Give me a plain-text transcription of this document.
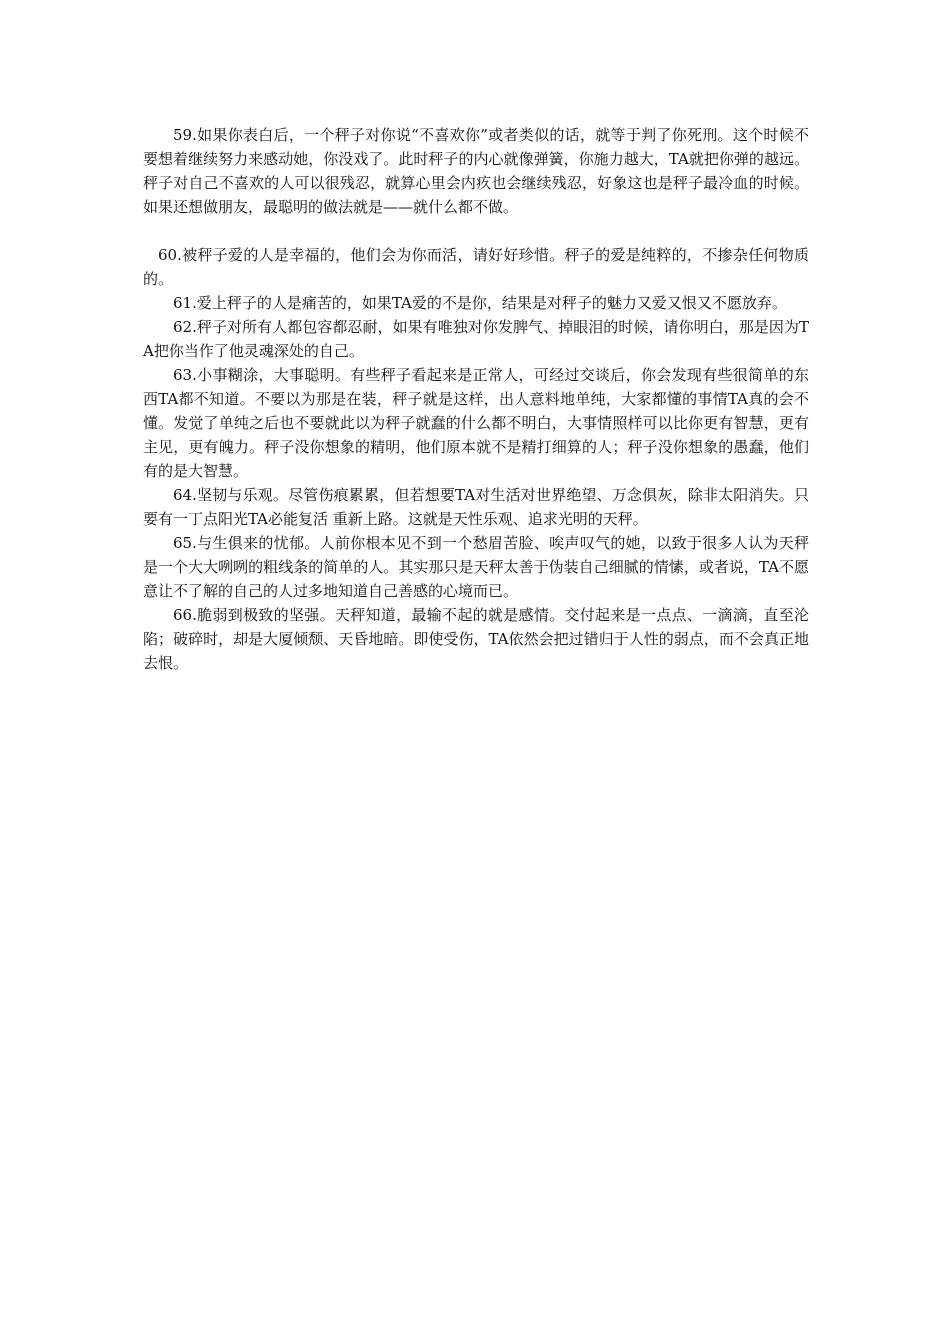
59.如果你表白后，一个秤子对你说“不喜欢你”或者类似的话，就等于判了你死刑。这个时候不要想着继续努力来感动她，你没戏了。此时秤子的内心就像弹簧，你施力越大，TA就把你弹的越远。秤子对自己不喜欢的人可以很残忍，就算心里会内疚也会继续残忍，好象这也是秤子最冷血的时候。如果还想做朋友，最聪明的做法就是——就什么都不做。

60.被秤子爱的人是幸福的，他们会为你而活，请好好珍惜。秤子的爱是纯粹的，不掺杂任何物质的。

61.爱上秤子的人是痛苦的，如果TA爱的不是你，结果是对秤子的魅力又爱又恨又不愿放弃。

62.秤子对所有人都包容都忍耐，如果有唯独对你发脾气、掉眼泪的时候，请你明白，那是因为TA把你当作了他灵魂深处的自己。

63.小事糊涂，大事聪明。有些秤子看起来是正常人，可经过交谈后，你会发现有些很简单的东西TA都不知道。不要以为那是在装，秤子就是这样，出人意料地单纯，大家都懂的事情TA真的会不懂。发觉了单纯之后也不要就此以为秤子就蠢的什么都不明白，大事情照样可以比你更有智慧，更有主见，更有魄力。秤子没你想象的精明，他们原本就不是精打细算的人；秤子没你想象的愚蠢，他们有的是大智慧。

64.坚韧与乐观。尽管伤痕累累，但若想要TA对生活对世界绝望、万念俱灰，除非太阳消失。只要有一丁点阳光TA必能复活 重新上路。这就是天性乐观、追求光明的天秤。

65.与生俱来的忧郁。人前你根本见不到一个愁眉苦脸、唉声叹气的她，以致于很多人认为天秤是一个大大咧咧的粗线条的简单的人。其实那只是天秤太善于伪装自己细腻的情愫，或者说，TA不愿意让不了解的自己的人过多地知道自己善感的心境而已。

66.脆弱到极致的坚强。天秤知道，最输不起的就是感情。交付起来是一点点、一滴滴，直至沦陷；破碎时，却是大厦倾颓、天昏地暗。即使受伤，TA依然会把过错归于人性的弱点，而不会真正地去恨。
